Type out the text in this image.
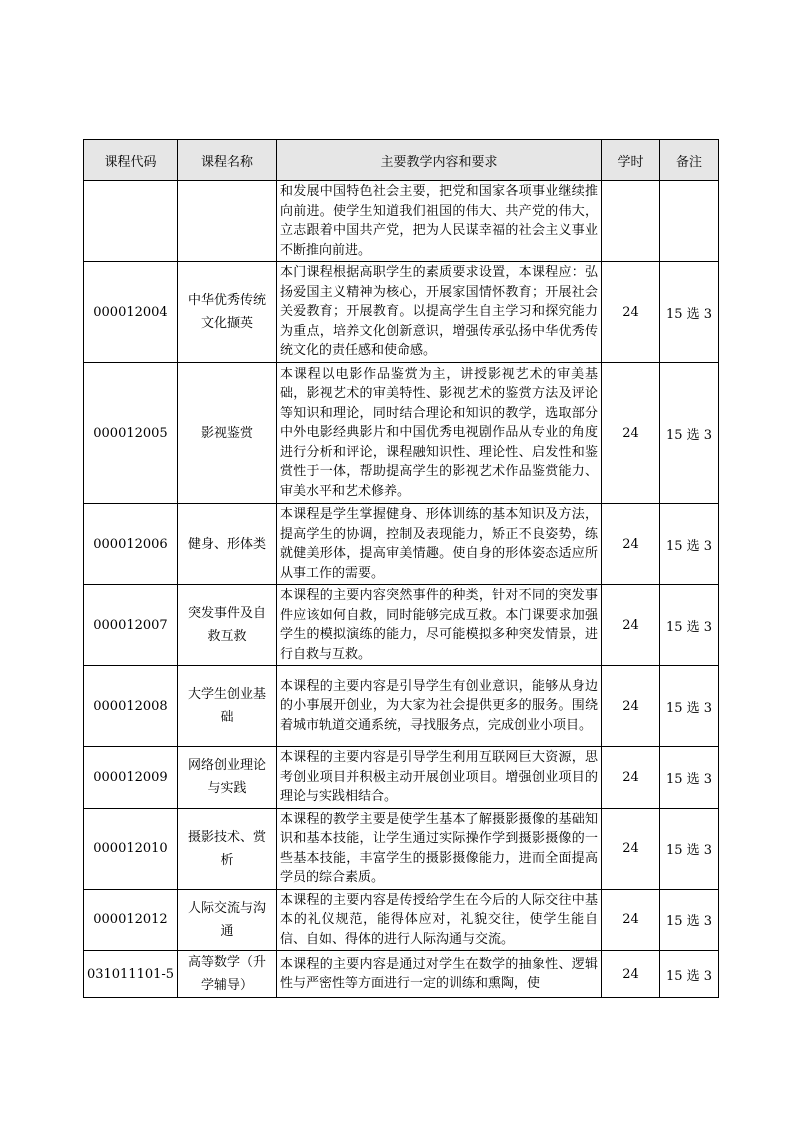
课程代码	课程名称	主要教学内容和要求	学时	备注
		和发展中国特色社会主要，把党和国家各项事业继续推向前进。使学生知道我们祖国的伟大、共产党的伟大，立志跟着中国共产党，把为人民谋幸福的社会主义事业不断推向前进。		
000012004	中华优秀传统文化撷英	本门课程根据高职学生的素质要求设置，本课程应：弘扬爱国主义精神为核心，开展家国情怀教育；开展社会关爱教育；开展教育。以提高学生自主学习和探究能力为重点，培养文化创新意识，增强传承弘扬中华优秀传统文化的责任感和使命感。	24	15 选 3
000012005	影视鉴赏	本课程以电影作品鉴赏为主，讲授影视艺术的审美基础，影视艺术的审美特性、影视艺术的鉴赏方法及评论等知识和理论，同时结合理论和知识的教学，选取部分中外电影经典影片和中国优秀电视剧作品从专业的角度进行分析和评论，课程融知识性、理论性、启发性和鉴赏性于一体，帮助提高学生的影视艺术作品鉴赏能力、审美水平和艺术修养。	24	15 选 3
000012006	健身、形体类	本课程是学生掌握健身、形体训练的基本知识及方法，提高学生的协调，控制及表现能力，矫正不良姿势，练就健美形体，提高审美情趣。使自身的形体姿态适应所从事工作的需要。	24	15 选 3
000012007	突发事件及自救互救	本课程的主要内容突然事件的种类，针对不同的突发事件应该如何自救，同时能够完成互救。本门课要求加强学生的模拟演练的能力，尽可能模拟多种突发情景，进行自救与互救。	24	15 选 3
000012008	大学生创业基础	本课程的主要内容是引导学生有创业意识，能够从身边的小事展开创业，为大家为社会提供更多的服务。围绕着城市轨道交通系统，寻找服务点，完成创业小项目。	24	15 选 3
000012009	网络创业理论与实践	本课程的主要内容是引导学生利用互联网巨大资源，思考创业项目并积极主动开展创业项目。增强创业项目的理论与实践相结合。	24	15 选 3
000012010	摄影技术、赏析	本课程的教学主要是使学生基本了解摄影摄像的基础知识和基本技能，让学生通过实际操作学到摄影摄像的一些基本技能，丰富学生的摄影摄像能力，进而全面提高学员的综合素质。	24	15 选 3
000012012	人际交流与沟通	本课程的主要内容是传授给学生在今后的人际交往中基本的礼仪规范，能得体应对，礼貌交往，使学生能自信、自如、得体的进行人际沟通与交流。	24	15 选 3
031011101-5	高等数学（升学辅导）	本课程的主要内容是通过对学生在数学的抽象性、逻辑性与严密性等方面进行一定的训练和熏陶，使	24	15 选 3
